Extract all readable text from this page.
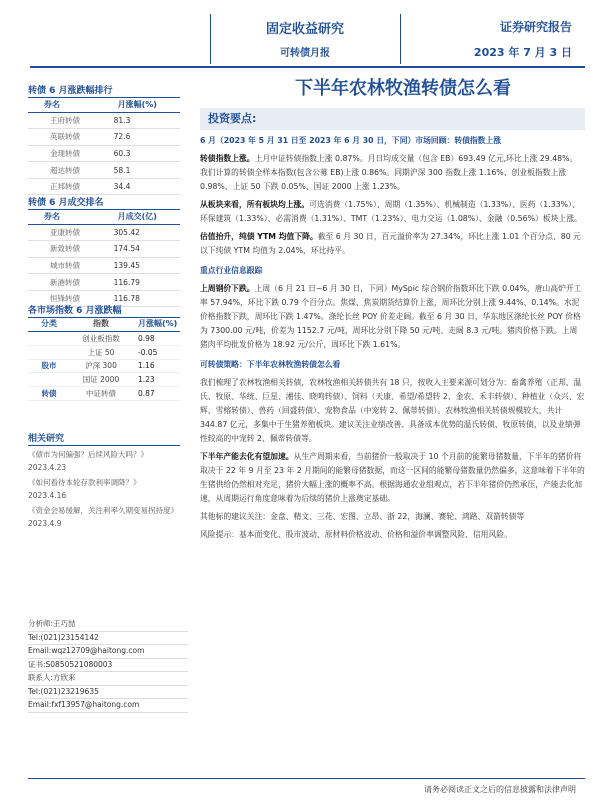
固定收益研究
可转债月报
证券研究报告
2023 年 7 月 3 日
下半年农林牧渔转债怎么看
转债 6 月涨跌幅排行
券名	月涨幅(%)
王府转债	81.3
英联转债	72.6
金现转债	60.3
超达转债	58.1
正邦转债	34.4
转债 6 月成交排名
券名	月成交(亿)
亚康转债	305.42
新致转债	174.54
城市转债	139.45
新港转债	116.79
恒锋转债	116.78
各市场指数 6 月涨跌幅
分类	指数	月涨幅(%)
创业板指数	0.98
上证 50	-0.05
股市	沪深 300	1.16
国证 2000	1.23
转债	中证转债	0.87
相关研究
《债市为何偏强？后续风险大吗？》 2023.4.23
《如何看待本轮存款利率调降？》 2023.4.16
《资金会易缓解，关注利率久期变易拐持度》 2023.4.9
分析师:王巧喆
Tel:(021)23154142
Email:wqz12709@haitong.com
证书:S0850521080003
联系人:方欣来
Tel:(021)23219635
Email:fxf13957@haitong.com
投资要点:
6 月（2023 年 5 月 31 日至 2023 年 6 月 30 日，下同）市场回顾：转债指数上涨
转债指数上涨。上月中证转债指数上涨 0.87%。月日均成交量（包含 EB）693.49 亿元,环比上涨 29.48%。我们计算的转债全样本指数(包含公募 EB)上涨 0.86%。同期沪深 300 指数上涨 1.16%、创业板指数上涨 0.98%、上证 50 下跌 0.05%、国证 2000 上涨 1.23%。
从板块来看，所有板块均上涨。可选消费（1.75%）、周期（1.35%）、机械制造（1.33%）、医药（1.33%）、环保建筑（1.33%）、必需消费（1.31%）、TMT（1.23%）、电力交运（1.08%）、金融（0.56%）板块上涨。
估值抬升，纯债 YTM 均值下降。截至 6 月 30 日，百元溢价率为 27.34%，环比上涨 1.01 个百分点、80 元以下纯债 YTM 均值为 2.04%，环比持平。
重点行业信息跟踪
上周钢价下跌。上周（6 月 21 日~6 月 30 日，下同）MySpic 综合钢价指数环比下跌 0.04%，唐山高炉开工率 57.94%，环比下跌 0.79 个百分点。焦煤、焦炭期货结算价上涨，周环比分别上涨 9.44%、0.14%。水泥价格指数下跌，周环比下跌 1.47%。涤纶长丝 POY 价差走阔。截至 6 月 30 日，华东地区涤纶长丝 POY 价格为 7300.00 元/吨，价差为 1152.7 元/吨，周环比分别下降 50 元/吨、走阔 8.3 元/吨。猪肉价格下跌。上周猪肉平均批发价格为 18.92 元/公斤，周环比下跌 1.61%。
可转债策略：下半年农林牧渔转债怎么看
我们梳理了农林牧渔相关转债，农林牧渔相关转债共有 18 只，按收入主要来源可划分为：畜禽养殖（正邦、温氏、牧原、华统、巨星、湘佳、晓鸣转债）、饲料（天康、希望/希望转 2、金农、禾丰转债）、种植业（众兴、宏辉、雪榕转债）、兽药（回盛转债）、宠物食品（中宠转 2、佩蒂转债）。农林牧渔相关转债规模较大，共计 344.87 亿元，多集中于生猪养殖板块。建议关注业绩改善、具备成本优势的温氏转债、牧原转债，以及业绩弹性较高的中宠转 2、佩蒂转债等。
下半年产能去化有望加速。从生产周期来看，当前猪价一般取决于 10 个月前的能繁母猪数量，下半年的猪价将取决于 22 年 9 月至 23 年 2 月期间的能繁母猪数据，而这一区间的能繁母猪数量仍然偏多，这意味着下半年的生猪供给仍然相对充足，猪价大幅上涨的概率不高。根据海通农业组观点，若下半年猪价仍然承压，产能去化加速，从周期运行角度意味着为后续的猪价上涨奠定基础。
其他标的建议关注：金盘、精文、三花、宏图、立昂、浙 22，海澜、赛轮、鸿路、双箭转债等
风险提示：基本面变化、股市波动、原材料价格波动、价格和溢价率调整风险、信用风险。
请务必阅读正文之后的信息披露和法律声明
